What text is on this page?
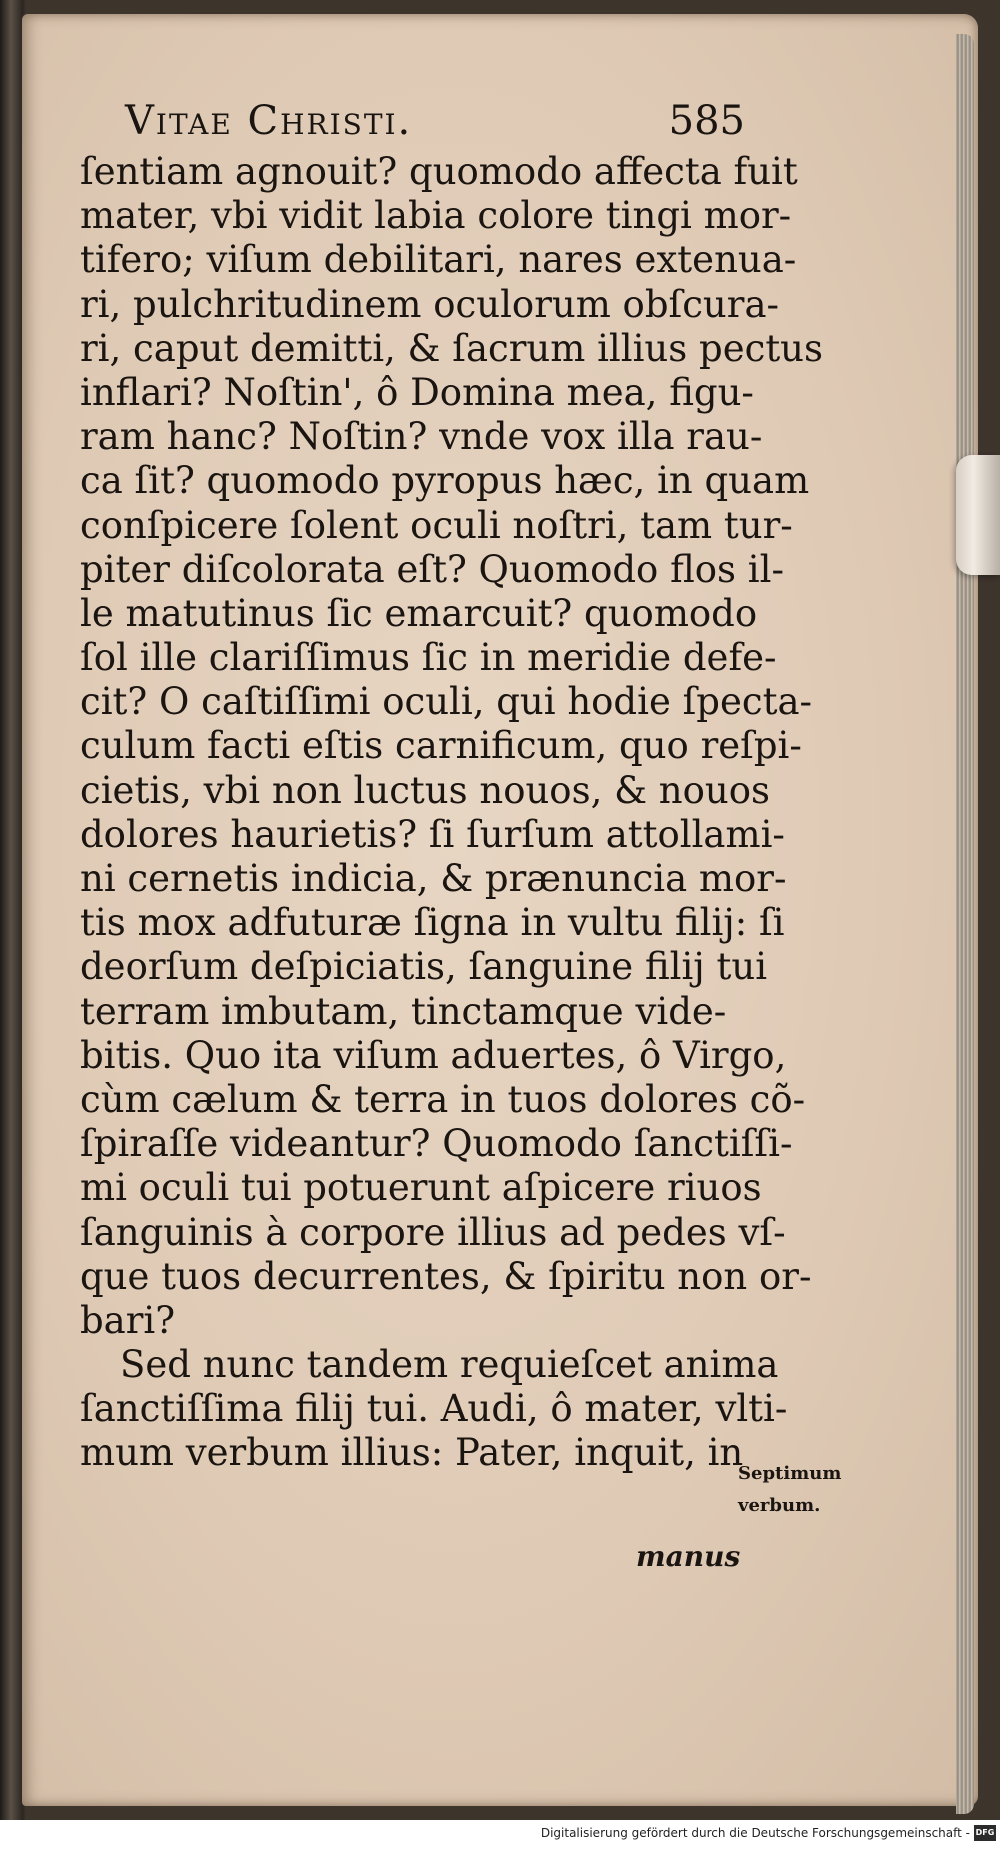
Vitae Christi.	585
ſentiam agnouit? quomodo affecta fuit
mater, vbi vidit labia colore tingi mor-
tifero; viſum debilitari, nares extenua-
ri, pulchritudinem oculorum obſcura-
ri, caput demitti, & ſacrum illius pectus
inflari? Noſtin', ô Domina mea, figu-
ram hanc? Noſtin? vnde vox illa rau-
ca ſit? quomodo pyropus hæc, in quam
conſpicere ſolent oculi noſtri, tam tur-
piter diſcolorata eſt? Quomodo flos il-
le matutinus ſic emarcuit? quomodo
ſol ille clariſſimus ſic in meridie defe-
cit? O caſtiſſimi oculi, qui hodie ſpecta-
culum facti eſtis carnificum, quo reſpi-
cietis, vbi non luctus nouos, & nouos
dolores haurietis? ſi ſurſum attollami-
ni cernetis indicia, & prænuncia mor-
tis mox adfuturæ ſigna in vultu filij: ſi
deorſum deſpiciatis, ſanguine filij tui
terram imbutam, tinctamque vide-
bitis. Quo ita viſum aduertes, ô Virgo,
cùm cælum & terra in tuos dolores cõ-
ſpiraſſe videantur? Quomodo ſanctiſſi-
mi oculi tui potuerunt aſpicere riuos
ſanguinis à corpore illius ad pedes vſ-
que tuos decurrentes, & ſpiritu non or-
bari?
Sed nunc tandem requieſcet anima
ſanctiſſima filij tui. Audi, ô mater, vlti-
mum verbum illius: Pater, inquit, in
Septimum
verbum.
manus
Digitalisierung gefördert durch die Deutsche Forschungsgemeinschaft - DFG
